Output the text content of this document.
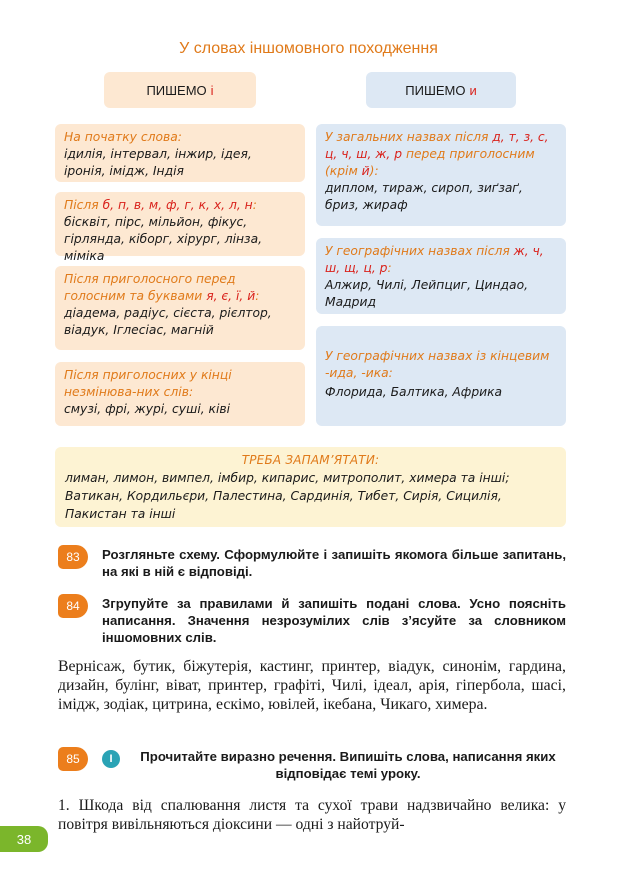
У словах іншомовного походження
ПИШЕМО і	ПИШЕМО и
На початку слова:
ідилія, інтервал, інжир, ідея, іронія, імідж, Індія
Після б, п, в, м, ф, г, к, х, л, н:
бісквіт, пірс, мільйон, фікус, гірлянда, кіборг, хірург, лінза, міміка
Після приголосного перед голосним та буквами я, є, ї, й:
діадема, радіус, сієста, рієлтор, віадук, Іглесіас, магній
Після приголосних у кінці незмінюва-них слів:
смузі, фрі, журі, суші, ківі
У загальних назвах після д, т, з, с, ц, ч, ш, ж, р перед приголосним (крім й):
диплом, тираж, сироп, зиґзаґ, бриз, жираф
У географічних назвах після ж, ч, ш, щ, ц, р:
Алжир, Чилі, Лейпциг, Циндао, Мадрид
У географічних назвах із кінцевим -ида, -ика:
Флорида, Балтика, Африка
ТРЕБА ЗАПАМ’ЯТАТИ:
лиман, лимон, вимпел, імбир, кипарис, митрополит, химера та інші; Ватикан, Кордильєри, Палестина, Сардинія, Тибет, Сирія, Сицилія, Пакистан та інші
83	Розгляньте схему. Сформулюйте і запишіть якомога більше запитань, на які в ній є відповіді.
84	Згрупуйте за правилами й запишіть подані слова. Усно поясніть написання. Значення незрозумілих слів з’ясуйте за словником іншомовних слів.
Вернісаж, бутик, біжутерія, кастинг, принтер, віадук, синонім, гардина, дизайн, булінг, віват, принтер, графіті, Чилі, ідеал, арія, гіпербола, шасі, імідж, зодіак, цитрина, ескімо, ювілей, ікебана, Чикаго, химера.
85	І	Прочитайте виразно речення. Випишіть слова, написання яких відповідає темі уроку.
1. Шкода від спалювання листя та сухої трави надзвичайно велика: у повітря вивільняються діоксини — одні з найотруй-
38
